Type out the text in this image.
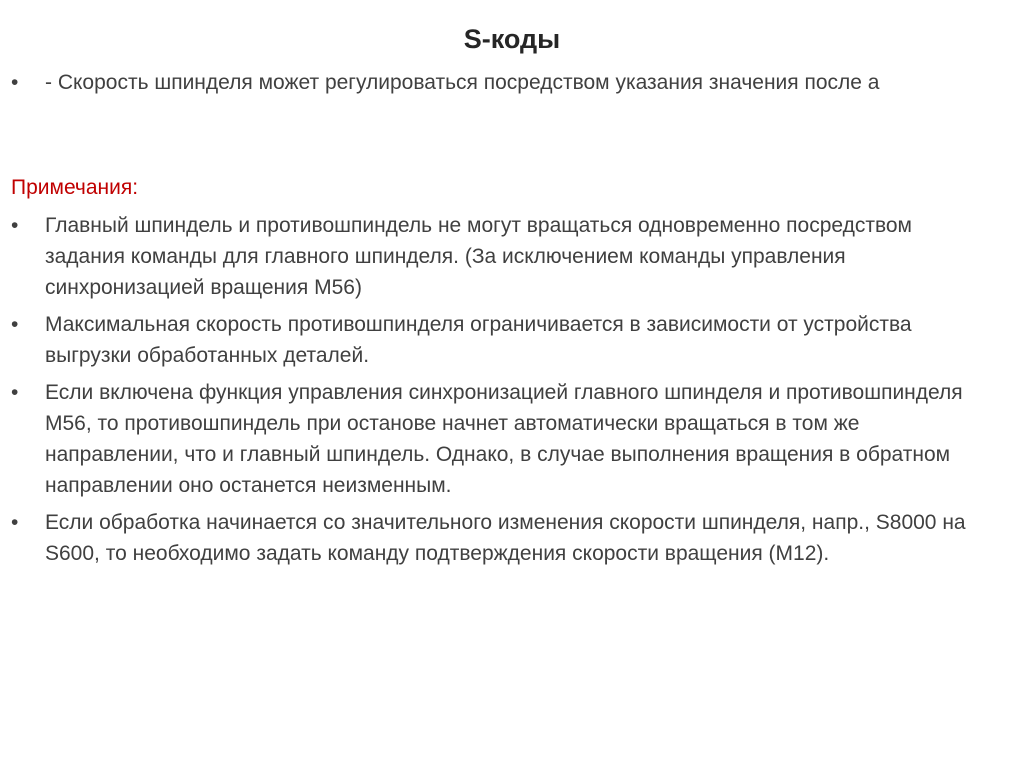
S-коды
• - Скорость шпинделя может регулироваться посредством указания значения после а
Примечания:
• Главный шпиндель и противошпиндель не могут вращаться одновременно посредством задания команды для главного шпинделя. (За исключением команды управления синхронизацией вращения M56)
• Максимальная скорость противошпинделя ограничивается в зависимости от устройства выгрузки обработанных деталей.
• Если включена функция управления синхронизацией главного шпинделя и противошпинделя M56, то противошпиндель при останове начнет автоматически вращаться в том же направлении, что и главный шпиндель. Однако, в случае выполнения вращения в обратном направлении оно останется неизменным.
• Если обработка начинается со значительного изменения скорости шпинделя, напр., S8000 на S600, то необходимо задать команду подтверждения скорости вращения (M12).
